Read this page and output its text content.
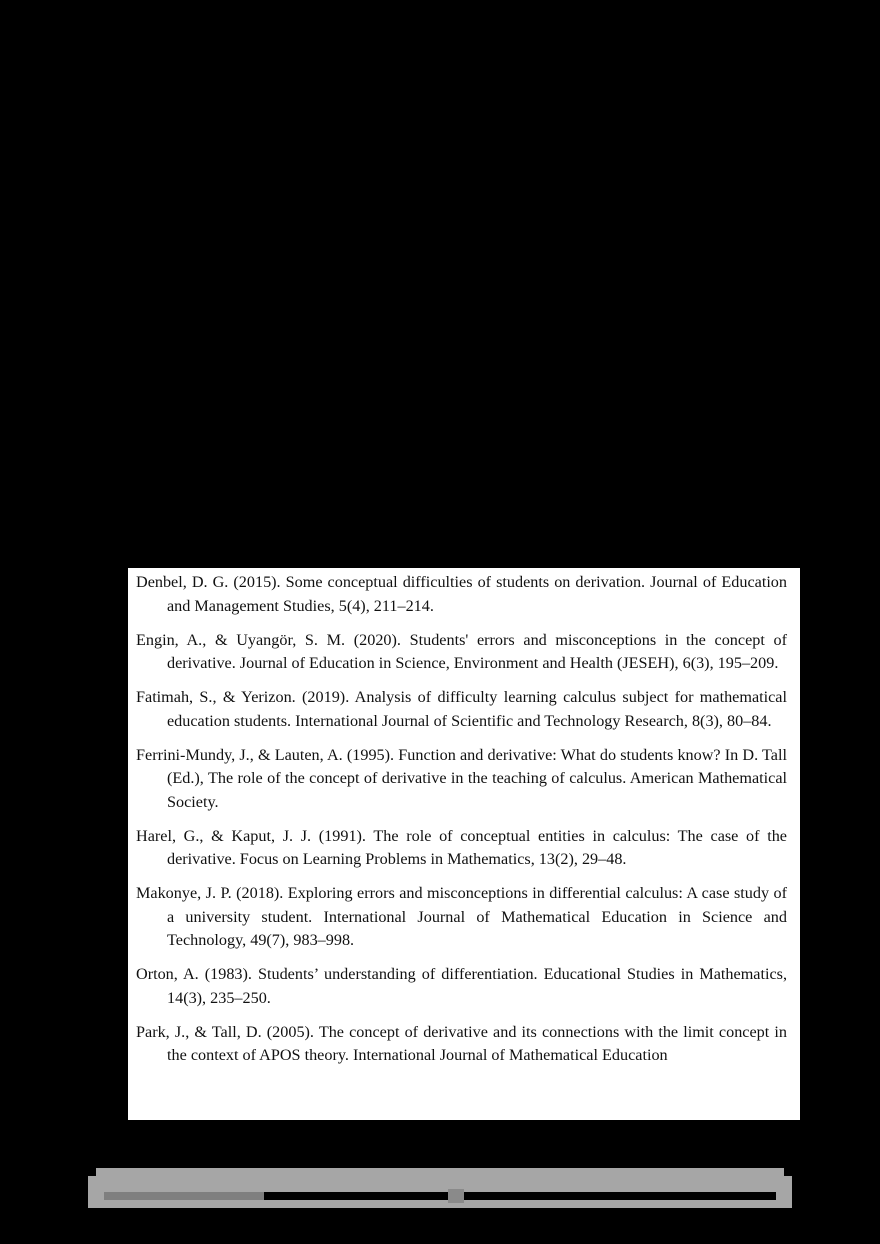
Denbel, D. G. (2015). Some conceptual difficulties of students on derivation. Journal of Education and Management Studies, 5(4), 211–214.

Engin, A., & Uyangör, S. M. (2020). Students' errors and misconceptions in the concept of derivative. Journal of Education in Science, Environment and Health (JESEH), 6(3), 195–209.

Fatimah, S., & Yerizon. (2019). Analysis of difficulty learning calculus subject for mathematical education students. International Journal of Scientific and Technology Research, 8(3), 80–84.

Ferrini-Mundy, J., & Lauten, A. (1995). Function and derivative: What do students know? In D. Tall (Ed.), The role of the concept of derivative in the teaching of calculus. American Mathematical Society.

Harel, G., & Kaput, J. J. (1991). The role of conceptual entities in calculus: The case of the derivative. Focus on Learning Problems in Mathematics, 13(2), 29–48.

Makonye, J. P. (2018). Exploring errors and misconceptions in differential calculus: A case study of a university student. International Journal of Mathematical Education in Science and Technology, 49(7), 983–998.

Orton, A. (1983). Students’ understanding of differentiation. Educational Studies in Mathematics, 14(3), 235–250.

Park, J., & Tall, D. (2005). The concept of derivative and its connections with the limit concept in the context of APOS theory. International Journal of Mathematical Education
